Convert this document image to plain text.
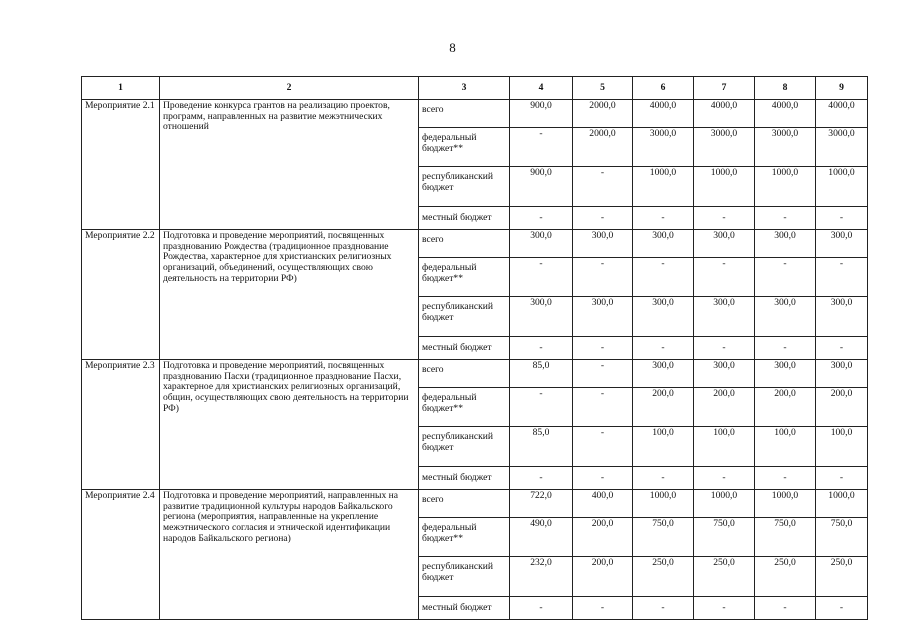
8
1	2	3	4	5	6	7	8	9
Мероприятие 2.1	Проведение конкурса грантов на реализацию проектов, программ, направленных на развитие межэтнических отношений	всего	900,0	2000,0	4000,0	4000,0	4000,0	4000,0
		федеральный бюджет**	-	2000,0	3000,0	3000,0	3000,0	3000,0
		республиканский бюджет	900,0	-	1000,0	1000,0	1000,0	1000,0
		местный бюджет	-	-	-	-	-	-
Мероприятие 2.2	Подготовка и проведение мероприятий, посвященных празднованию Рождества (традиционное празднование Рождества, характерное для христианских религиозных организаций, объединений, осуществляющих свою деятельность на территории РФ)	всего	300,0	300,0	300,0	300,0	300,0	300,0
		федеральный бюджет**	-	-	-	-	-	-
		республиканский бюджет	300,0	300,0	300,0	300,0	300,0	300,0
		местный бюджет	-	-	-	-	-	-
Мероприятие 2.3	Подготовка и проведение мероприятий, посвященных празднованию Пасхи (традиционное празднование Пасхи, характерное для христианских религиозных организаций, общин, осуществляющих свою деятельность на территории РФ)	всего	85,0	-	300,0	300,0	300,0	300,0
		федеральный бюджет**	-	-	200,0	200,0	200,0	200,0
		республиканский бюджет	85,0	-	100,0	100,0	100,0	100,0
		местный бюджет	-	-	-	-	-	-
Мероприятие 2.4	Подготовка и проведение мероприятий, направленных на развитие традиционной культуры народов Байкальского региона (мероприятия, направленные на укрепление межэтнического согласия и этнической идентификации народов Байкальского региона)	всего	722,0	400,0	1000,0	1000,0	1000,0	1000,0
		федеральный бюджет**	490,0	200,0	750,0	750,0	750,0	750,0
		республиканский бюджет	232,0	200,0	250,0	250,0	250,0	250,0
		местный бюджет	-	-	-	-	-	-
